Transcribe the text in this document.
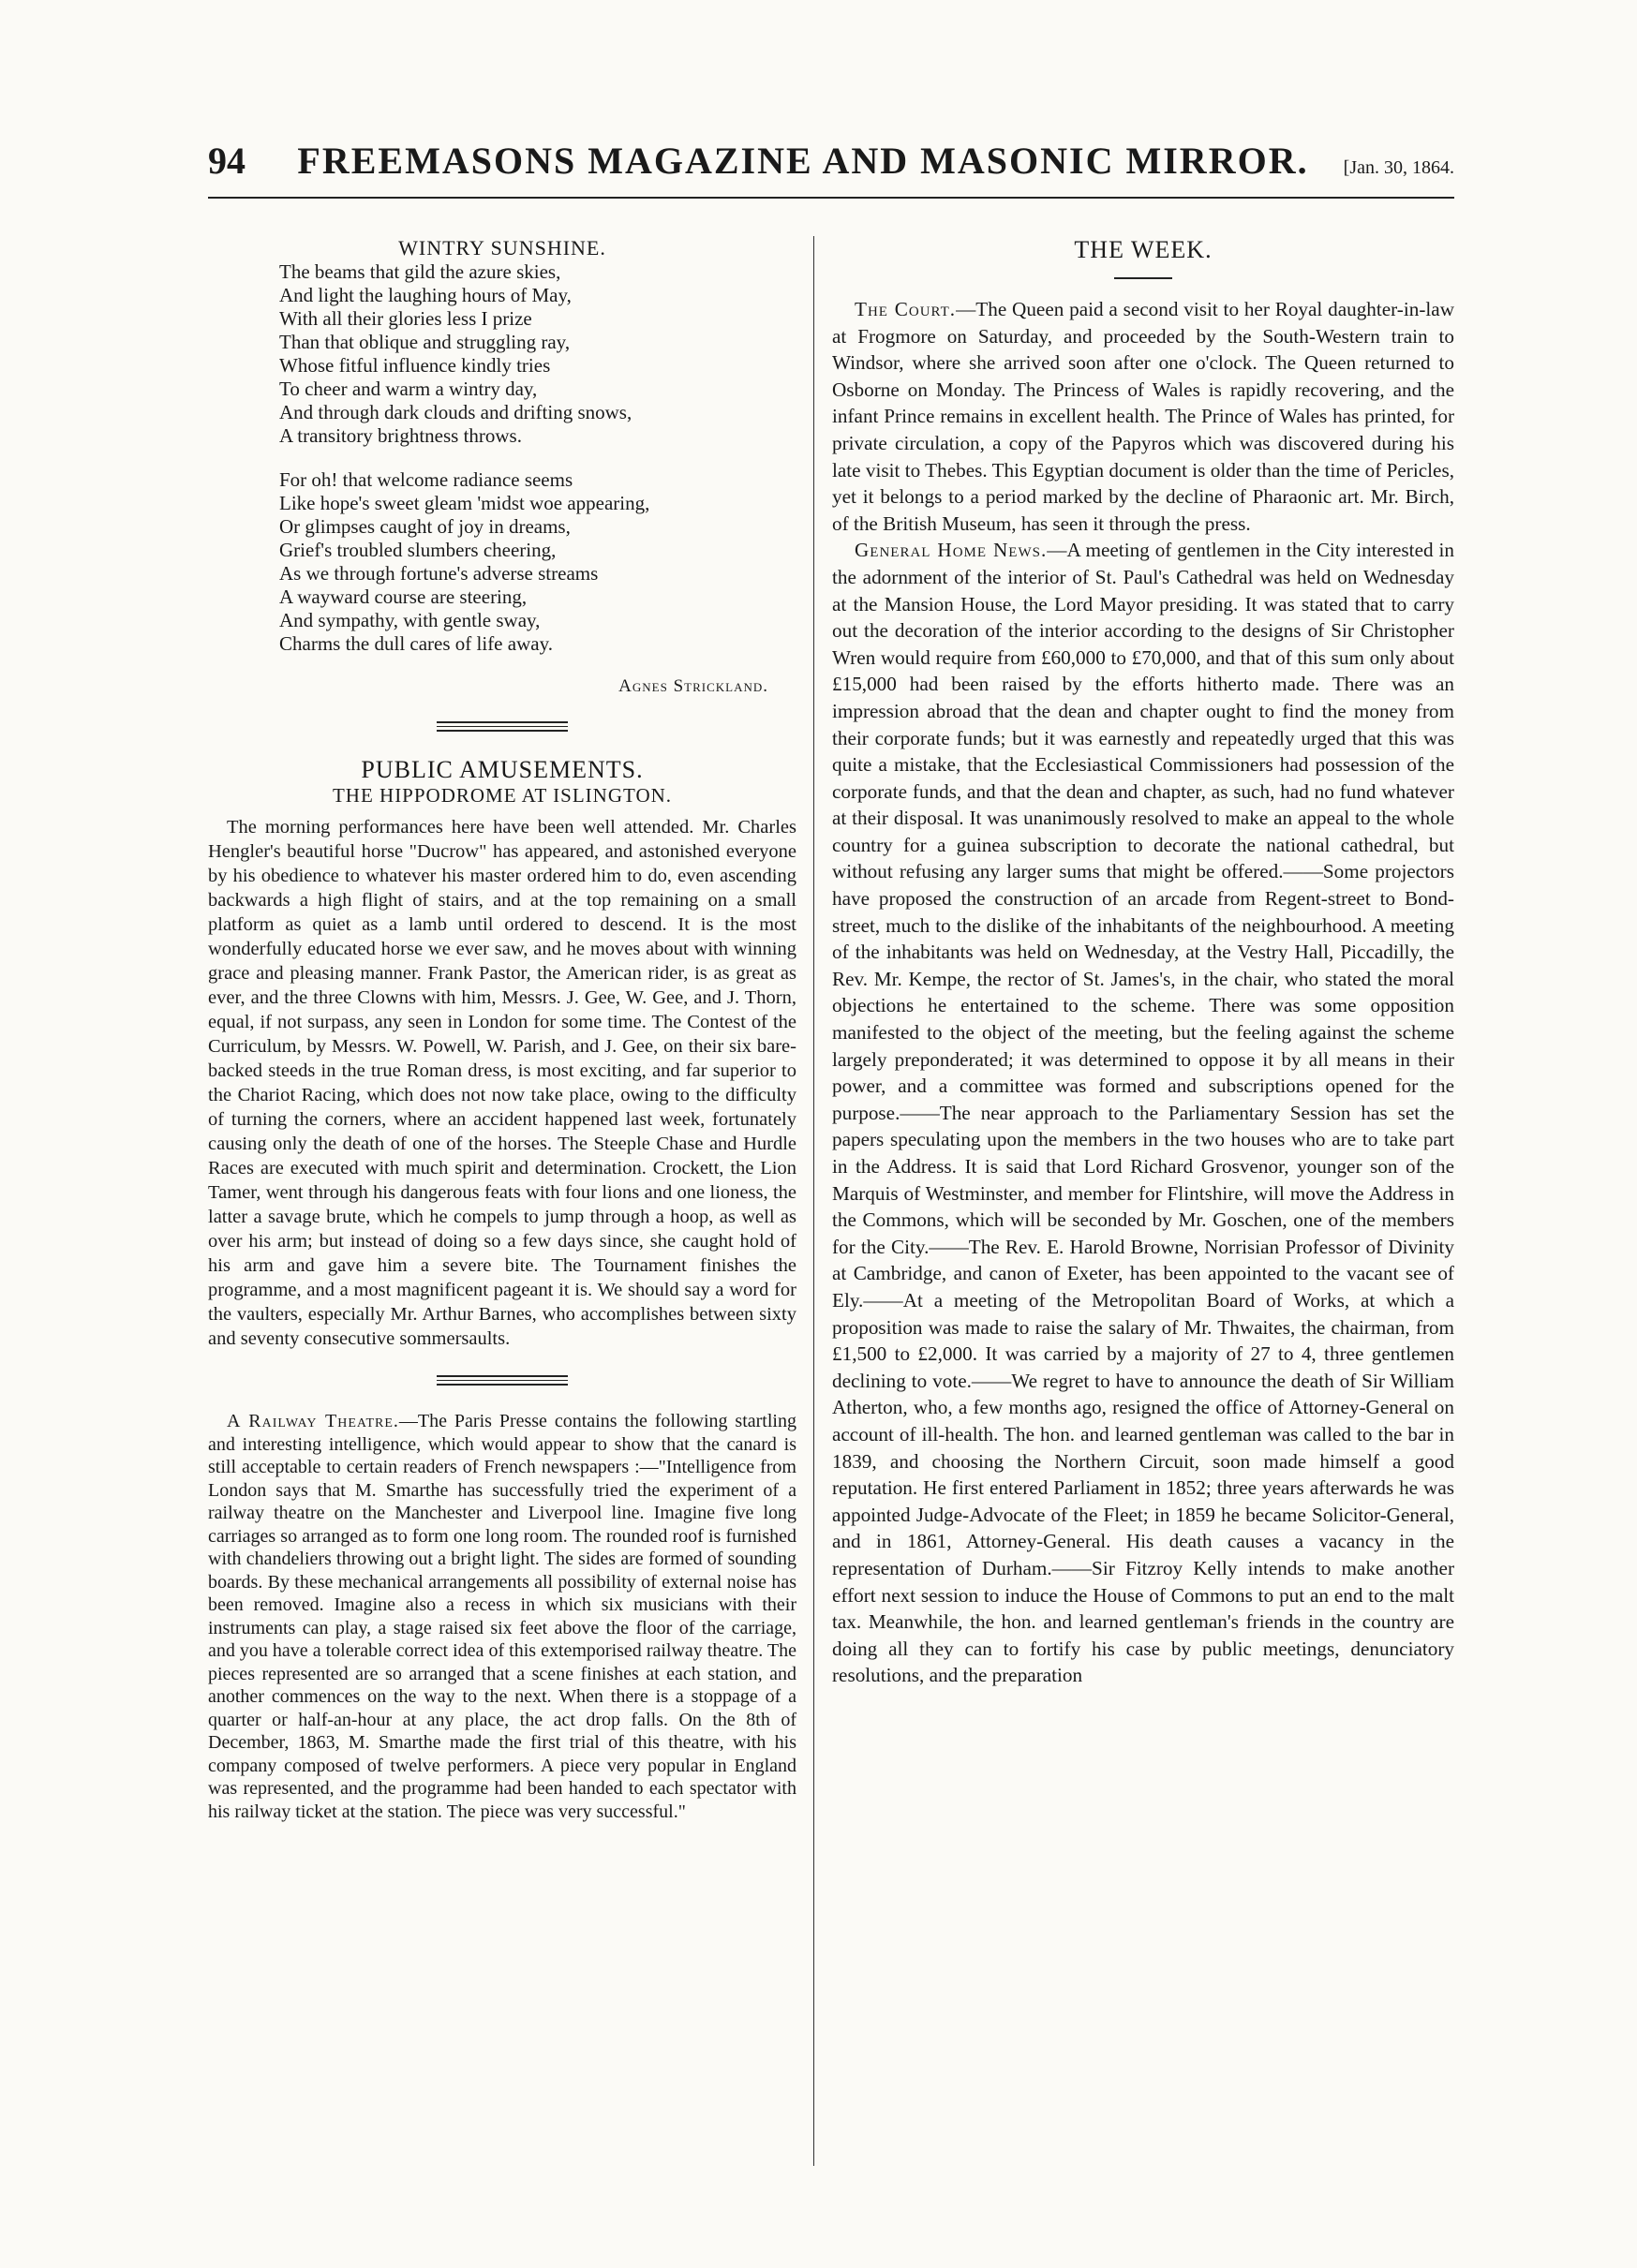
94	FREEMASONS MAGAZINE AND MASONIC MIRROR.	[Jan. 30, 1864.
WINTRY SUNSHINE.
The beams that gild the azure skies,
And light the laughing hours of May,
With all their glories less I prize
Than that oblique and struggling ray,
Whose fitful influence kindly tries
To cheer and warm a wintry day,
And through dark clouds and drifting snows,
A transitory brightness throws.
For oh! that welcome radiance seems
Like hope's sweet gleam 'midst woe appearing,
Or glimpses caught of joy in dreams,
Grief's troubled slumbers cheering,
As we through fortune's adverse streams
A wayward course are steering,
And sympathy, with gentle sway,
Charms the dull cares of life away.
Agnes Strickland.
PUBLIC AMUSEMENTS.
THE HIPPODROME AT ISLINGTON.

The morning performances here have been well attended. Mr. Charles Hengler's beautiful horse "Ducrow" has appeared, and astonished everyone by his obedience to whatever his master ordered him to do, even ascending backwards a high flight of stairs, and at the top remaining on a small platform as quiet as a lamb until ordered to descend. It is the most wonderfully educated horse we ever saw, and he moves about with winning grace and pleasing manner. Frank Pastor, the American rider, is as great as ever, and the three Clowns with him, Messrs. J. Gee, W. Gee, and J. Thorn, equal, if not surpass, any seen in London for some time. The Contest of the Curriculum, by Messrs. W. Powell, W. Parish, and J. Gee, on their six bare-backed steeds in the true Roman dress, is most exciting, and far superior to the Chariot Racing, which does not now take place, owing to the difficulty of turning the corners, where an accident happened last week, fortunately causing only the death of one of the horses. The Steeple Chase and Hurdle Races are executed with much spirit and determination. Crockett, the Lion Tamer, went through his dangerous feats with four lions and one lioness, the latter a savage brute, which he compels to jump through a hoop, as well as over his arm; but instead of doing so a few days since, she caught hold of his arm and gave him a severe bite. The Tournament finishes the programme, and a most magnificent pageant it is. We should say a word for the vaulters, especially Mr. Arthur Barnes, who accomplishes between sixty and seventy consecutive sommersaults.

A Railway Theatre.—The Paris Presse contains the following startling and interesting intelligence, which would appear to show that the canard is still acceptable to certain readers of French newspapers :—"Intelligence from London says that M. Smarthe has successfully tried the experiment of a railway theatre on the Manchester and Liverpool line. Imagine five long carriages so arranged as to form one long room. The rounded roof is furnished with chandeliers throwing out a bright light. The sides are formed of sounding boards. By these mechanical arrangements all possibility of external noise has been removed. Imagine also a recess in which six musicians with their instruments can play, a stage raised six feet above the floor of the carriage, and you have a tolerable correct idea of this extemporised railway theatre. The pieces represented are so arranged that a scene finishes at each station, and another commences on the way to the next. When there is a stoppage of a quarter or half-an-hour at any place, the act drop falls. On the 8th of December, 1863, M. Smarthe made the first trial of this theatre, with his company composed of twelve performers. A piece very popular in England was represented, and the programme had been handed to each spectator with his railway ticket at the station. The piece was very successful."

THE WEEK.

The Court.—The Queen paid a second visit to her Royal daughter-in-law at Frogmore on Saturday, and proceeded by the South-Western train to Windsor, where she arrived soon after one o'clock. The Queen returned to Osborne on Monday. The Princess of Wales is rapidly recovering, and the infant Prince remains in excellent health. The Prince of Wales has printed, for private circulation, a copy of the Papyros which was discovered during his late visit to Thebes. This Egyptian document is older than the time of Pericles, yet it belongs to a period marked by the decline of Pharaonic art. Mr. Birch, of the British Museum, has seen it through the press.

General Home News.—A meeting of gentlemen in the City interested in the adornment of the interior of St. Paul's Cathedral was held on Wednesday at the Mansion House, the Lord Mayor presiding. It was stated that to carry out the decoration of the interior according to the designs of Sir Christopher Wren would require from £60,000 to £70,000, and that of this sum only about £15,000 had been raised by the efforts hitherto made. There was an impression abroad that the dean and chapter ought to find the money from their corporate funds; but it was earnestly and repeatedly urged that this was quite a mistake, that the Ecclesiastical Commissioners had possession of the corporate funds, and that the dean and chapter, as such, had no fund whatever at their disposal. It was unanimously resolved to make an appeal to the whole country for a guinea subscription to decorate the national cathedral, but without refusing any larger sums that might be offered.——Some projectors have proposed the construction of an arcade from Regent-street to Bond-street, much to the dislike of the inhabitants of the neighbourhood. A meeting of the inhabitants was held on Wednesday, at the Vestry Hall, Piccadilly, the Rev. Mr. Kempe, the rector of St. James's, in the chair, who stated the moral objections he entertained to the scheme. There was some opposition manifested to the object of the meeting, but the feeling against the scheme largely preponderated; it was determined to oppose it by all means in their power, and a committee was formed and subscriptions opened for the purpose.——The near approach to the Parliamentary Session has set the papers speculating upon the members in the two houses who are to take part in the Address. It is said that Lord Richard Grosvenor, younger son of the Marquis of Westminster, and member for Flintshire, will move the Address in the Commons, which will be seconded by Mr. Goschen, one of the members for the City.——The Rev. E. Harold Browne, Norrisian Professor of Divinity at Cambridge, and canon of Exeter, has been appointed to the vacant see of Ely.——At a meeting of the Metropolitan Board of Works, at which a proposition was made to raise the salary of Mr. Thwaites, the chairman, from £1,500 to £2,000. It was carried by a majority of 27 to 4, three gentlemen declining to vote.——We regret to have to announce the death of Sir William Atherton, who, a few months ago, resigned the office of Attorney-General on account of ill-health. The hon. and learned gentleman was called to the bar in 1839, and choosing the Northern Circuit, soon made himself a good reputation. He first entered Parliament in 1852; three years afterwards he was appointed Judge-Advocate of the Fleet; in 1859 he became Solicitor-General, and in 1861, Attorney-General. His death causes a vacancy in the representation of Durham.——Sir Fitzroy Kelly intends to make another effort next session to induce the House of Commons to put an end to the malt tax. Meanwhile, the hon. and learned gentleman's friends in the country are doing all they can to fortify his case by public meetings, denunciatory resolutions, and the preparation
